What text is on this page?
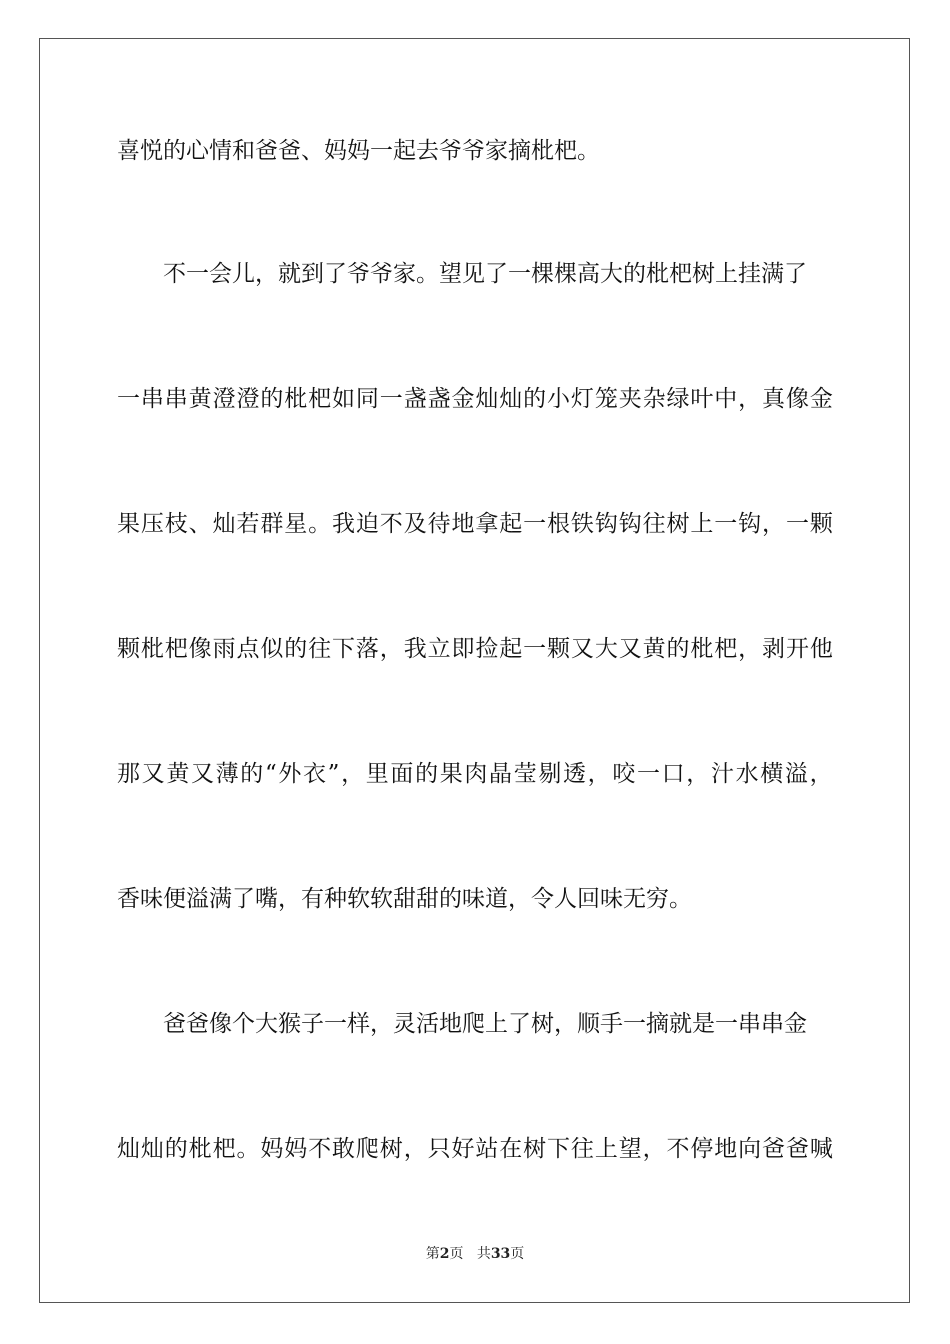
喜悦的心情和爸爸、妈妈一起去爷爷家摘枇杷。
　　不一会儿，就到了爷爷家。望见了一棵棵高大的枇杷树上挂满了
一 串 串 黄 澄 澄 的 枇 杷 如 同 一 盏 盏 金 灿 灿 的 小 灯 笼 夹 杂 绿 叶 中 ， 真 像 金
果 压 枝 、 灿 若 群 星 。 我 迫 不 及 待 地 拿 起 一 根 铁 钩 钩 往 树 上 一 钩 ， 一 颗
颗 枇 杷 像 雨 点 似 的 往 下 落 ， 我 立 即 捡 起 一 颗 又 大 又 黄 的 枇 杷 ， 剥 开 他
那 又 黄 又 薄 的 “ 外 衣 ” ， 里 面 的 果 肉 晶 莹 剔 透 ， 咬 一 口 ， 汁 水 横 溢 ，
香味便溢满了嘴，有种软软甜甜的味道，令人回味无穷。
　　爸爸像个大猴子一样，灵活地爬上了树，顺手一摘就是一串串金
灿 灿 的 枇 杷 。 妈 妈 不 敢 爬 树 ， 只 好 站 在 树 下 往 上 望 ， 不 停 地 向 爸 爸 喊
第2页 共33页
